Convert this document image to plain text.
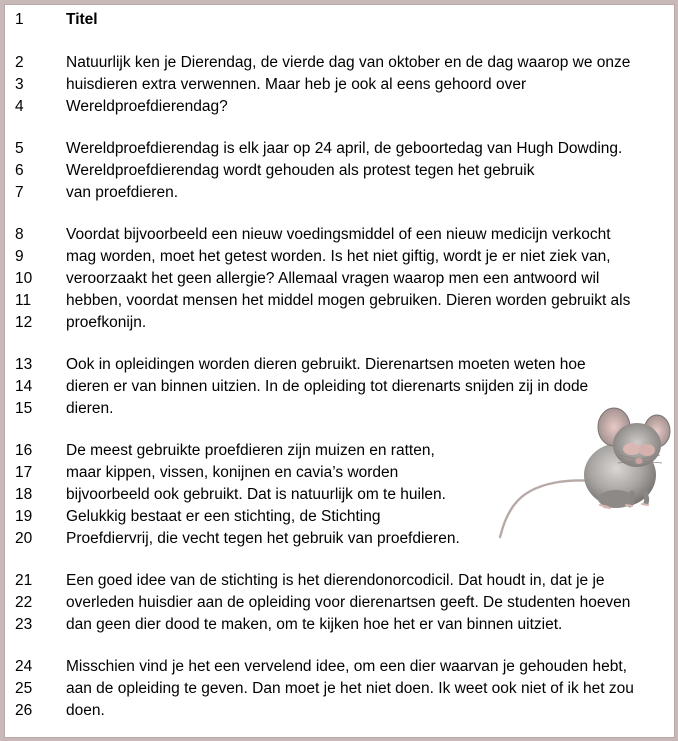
1	Titel
2	Natuurlijk ken je Dierendag, de vierde dag van oktober en de dag waarop we onze
3	huisdieren extra verwennen. Maar heb je ook al eens gehoord over
4	Wereldproefdierendag?
5	Wereldproefdierendag is elk jaar op 24 april, de geboortedag van Hugh Dowding.
6	Wereldproefdierendag wordt gehouden als protest tegen het gebruik
7	van proefdieren.
8	Voordat bijvoorbeeld een nieuw voedingsmiddel of een nieuw medicijn verkocht
9	mag worden, moet het getest worden. Is het niet giftig, wordt je er niet ziek van,
10 veroorzaakt het geen allergie? Allemaal vragen waarop men een antwoord wil
11 hebben, voordat mensen het middel mogen gebruiken. Dieren worden gebruikt als
12 proefkonijn.
13 Ook in opleidingen worden dieren gebruikt. Dierenartsen moeten weten hoe
14 dieren er van binnen uitzien. In de opleiding tot dierenarts snijden zij in dode
15 dieren.
16 De meest gebruikte proefdieren zijn muizen en ratten,
17 maar kippen, vissen, konijnen en cavia’s worden
18 bijvoorbeeld ook gebruikt. Dat is natuurlijk om te huilen.
19 Gelukkig bestaat er een stichting, de Stichting
20 Proefdiervrij, die vecht tegen het gebruik van proefdieren.
21 Een goed idee van de stichting is het dierendonorcodicil. Dat houdt in, dat je je
22 overleden huisdier aan de opleiding voor dierenartsen geeft. De studenten hoeven
23 dan geen dier dood te maken, om te kijken hoe het er van binnen uitziet.
24 Misschien vind je het een vervelend idee, om een dier waarvan je gehouden hebt,
25 aan de opleiding te geven. Dan moet je het niet doen. Ik weet ook niet of ik het zou
26 doen.
